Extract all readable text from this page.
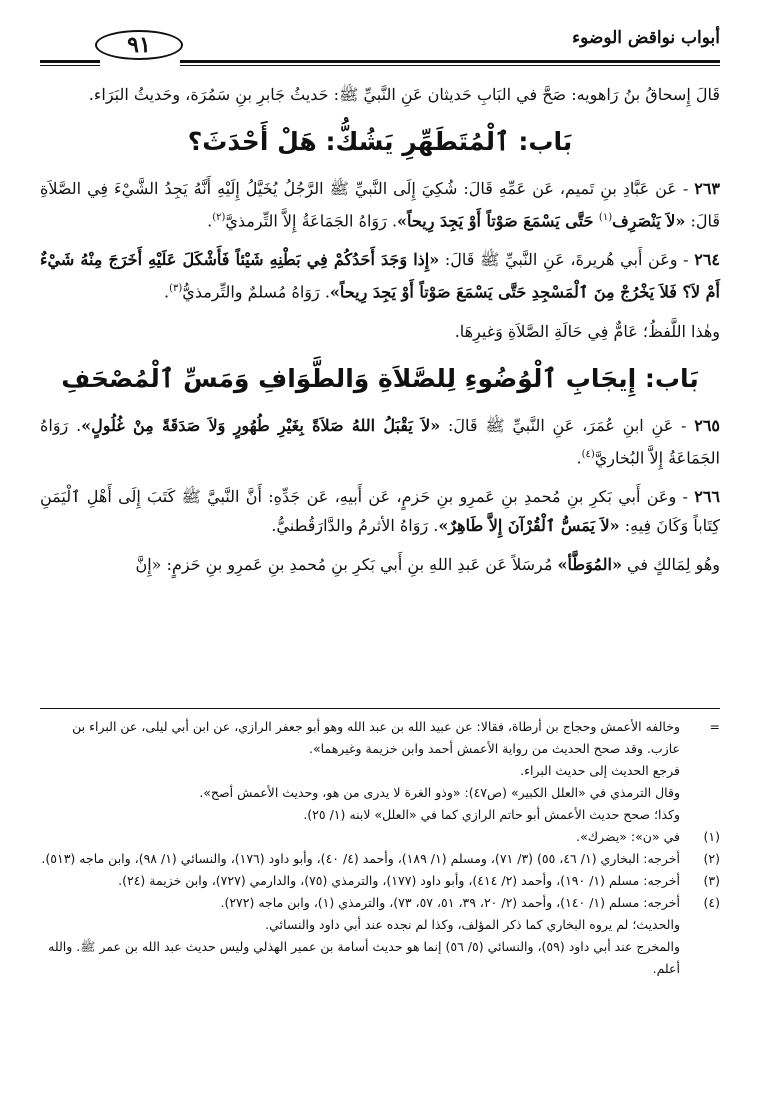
أبواب نواقض الوضوء
٩١

قَالَ إِسحاقُ بنُ رَاهويه: صَحَّ في البَابِ حَديثان عَنِ النَّبيِّ ﷺ: حَديثُ جَابرِ بنِ سَمُرَة، وحَديثُ البَرَاء.

بَاب: ٱلْمُتَطَهِّرِ يَشُكُّ: هَلْ أَحْدَثَ؟

٢٦٣ - عَن عَبَّادِ بنِ تَميم، عَن عَمِّهِ قَالَ: شُكِيَ إِلَى النَّبيِّ ﷺ الرَّجُلُ يُخَيَّلُ إِلَيْهِ أَنَّهُ يَجِدُ الشَّيْءَ فِي الصَّلاَةِ قَالَ: «لاَ يَنْصَرِف$^{(١)}$ حَتَّى يَسْمَعَ صَوْتاً أَوْ يَجِدَ رِيحاً». رَوَاهُ الجَمَاعَةُ إِلاَّ التِّرمذيَّ$^{(٢)}$.

٢٦٤ - وعَن أَبي هُريرةَ، عَنِ النَّبيِّ ﷺ قَالَ: «إِذا وَجَدَ أَحَدُكُمْ فِي بَطْنِهِ شَيْئاً فَأَشْكَلَ عَلَيْهِ أَخَرَجَ مِنْهُ شَيْءٌ أَمْ لاَ؟ فَلاَ يَخْرُجْ مِنَ ٱلْمَسْجِدِ حَتَّى يَسْمَعَ صَوْتاً أَوْ يَجِدَ رِيحاً». رَوَاهُ مُسلمٌ والتِّرمذيُّ$^{(٣)}$.

وهٰذا اللَّفظُ؛ عَامٌّ فِي حَالَةِ الصَّلاَةِ وَغيرِهَا.

بَاب: إِيجَابِ ٱلْوُضُوءِ لِلصَّلاَةِ وَالطَّوَافِ وَمَسِّ ٱلْمُصْحَفِ

٢٦٥ - عَنِ ابنِ عُمَرَ، عَنِ النَّبيِّ ﷺ قَالَ: «لاَ يَقْبَلُ اللهُ صَلاَةً بِغَيْرِ طُهُورٍ وَلاَ صَدَقَةً مِنْ غُلُولٍ». رَوَاهُ الجَمَاعَةُ إِلاَّ البُخاريَّ$^{(٤)}$.

٢٦٦ - وعَن أَبي بَكرِ بنِ مُحمدِ بنِ عَمرِو بنِ حَزمٍ، عَن أَبيهِ، عَن جَدِّهِ: أَنَّ النَّبيَّ ﷺ كَتَبَ إِلَى أَهْلِ ٱلْيَمَنِ كِتَاباً وَكَانَ فِيهِ: «لاَ يَمَسُّ ٱلْقُرْآنَ إِلاَّ طَاهِرٌ». رَوَاهُ الأثرمُ والدَّارَقُطنيُّ.

وهُو لِمَالكٍ في «المُوَطَّأ» مُرسَلاً عَن عَبدِ اللهِ بنِ أَبي بَكرِ بنِ مُحمدِ بنِ عَمرِو بنِ حَزمٍ: «إِنَّ

=

وخالفه الأعمش وحجاج بن أرطاة، فقالا: عن عبيد الله بن عبد الله وهو أبو جعفر الرازي، عن ابن أبي ليلى، عن البراء بن عازب. وقد صحح الحديث من رواية الأعمش أحمد وابن خزيمة وغيرهما».

فرجع الحديث إلى حديث البراء.

وقال الترمذي في «العلل الكبير» (ص٤٧): «وذو الغرة لا يدرى من هو، وحديث الأعمش أصح».

وكذا؛ صحح حديث الأعمش أبو حاتم الرازي كما في «العلل» لابنه (١/ ٢٥).

(١)

في «ن»: «يضرك».

(٢)

أخرجه: البخاري (١/ ٤٦، ٥٥) (٣/ ٧١)، ومسلم (١/ ١٨٩)، وأحمد (٤/ ٤٠)، وأبو داود (١٧٦)، والنسائي (١/ ٩٨)، وابن ماجه (٥١٣).

(٣)

أخرجه: مسلم (١/ ١٩٠)، وأحمد (٢/ ٤١٤)، وأبو داود (١٧٧)، والترمذي (٧٥)، والدارمي (٧٢٧)، وابن خزيمة (٢٤).

(٤)

أخرجه: مسلم (١/ ١٤٠)، وأحمد (٢/ ٢٠، ٣٩، ٥١، ٥٧، ٧٣)، والترمذي (١)، وابن ماجه (٢٧٢).

والحديث؛ لم يروه البخاري كما ذكر المؤلف، وكذا لم نجده عند أبي داود والنسائي.

والمخرج عند أبي داود (٥٩)، والنسائي (٥/ ٥٦) إنما هو حديث أسامة بن عمير الهذلي وليس حديث عبد الله بن عمر ﷺ. والله أعلم.
